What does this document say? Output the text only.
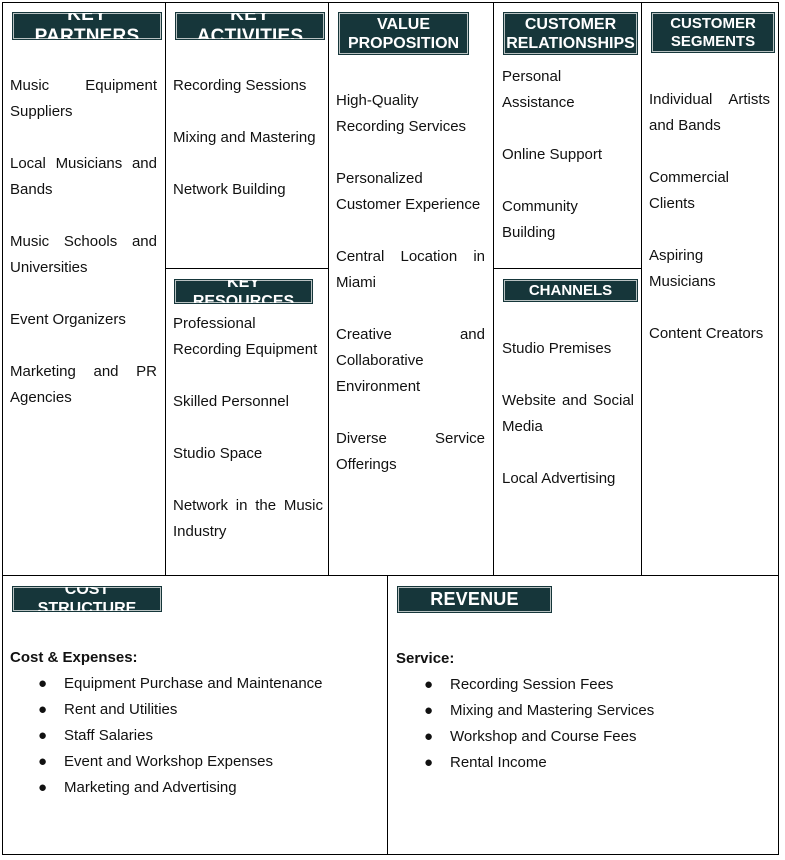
KEY PARTNERS
Music Equipment Suppliers
Local Musicians and Bands
Music Schools and Universities
Event Organizers
Marketing and PR Agencies
KEY ACTIVITIES
Recording Sessions
Mixing and Mastering
Network Building
KEY RESOURCES
Professional Recording Equipment
Skilled Personnel
Studio Space
Network in the Music Industry
VALUE
PROPOSITION
High-Quality Recording Services
Personalized Customer Experience
Central Location in Miami
Creative and Collaborative Environment
Diverse Service Offerings
CUSTOMER
RELATIONSHIPS
Personal Assistance
Online Support
Community Building
CHANNELS
Studio Premises
Website and Social Media
Local Advertising
CUSTOMER
SEGMENTS
Individual Artists and Bands
Commercial Clients
Aspiring Musicians
Content Creators
COST STRUCTURE

Cost & Expenses:

● Equipment Purchase and Maintenance
● Rent and Utilities
● Staff Salaries
● Event and Workshop Expenses
● Marketing and Advertising
REVENUE

Service:

● Recording Session Fees
● Mixing and Mastering Services
● Workshop and Course Fees
● Rental Income
